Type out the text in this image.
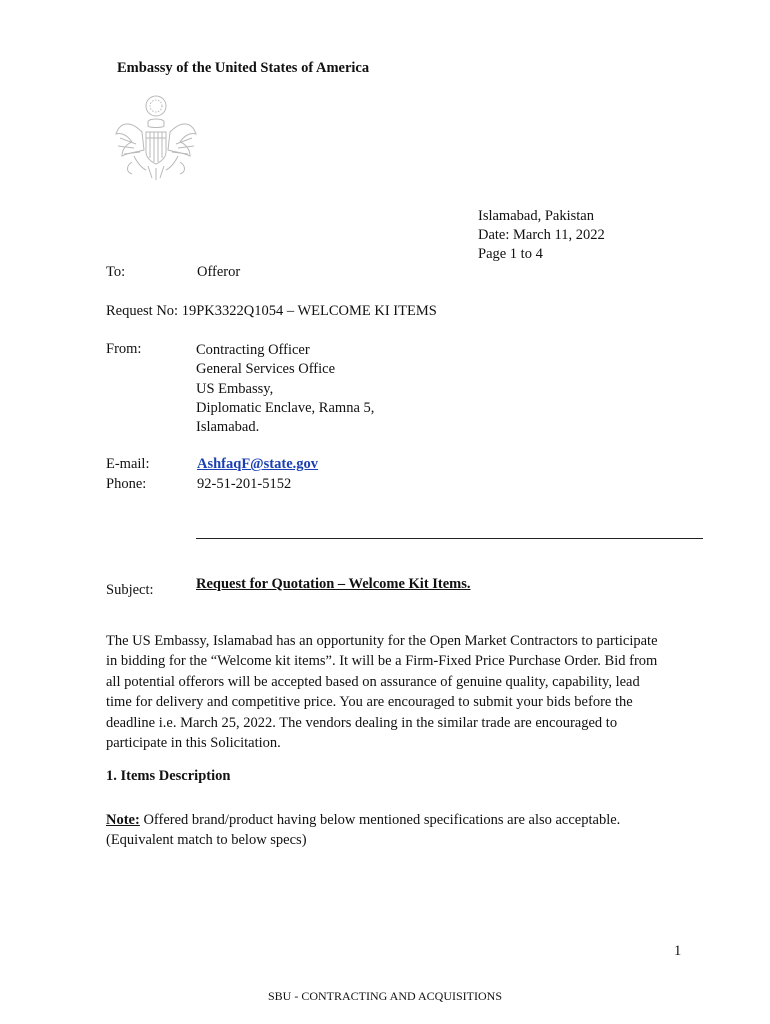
Embassy of the United States of America
Islamabad, Pakistan
Date: March 11, 2022
Page 1 to 4
To:	Offeror
Request No: 19PK3322Q1054 – WELCOME KI ITEMS
From:	Contracting Officer
General Services Office
US Embassy,
Diplomatic Enclave, Ramna 5,
Islamabad.
E-mail:	AshfaqF@state.gov
Phone:	92-51-201-5152
Subject:	Request for Quotation – Welcome Kit Items.
The US Embassy, Islamabad has an opportunity for the Open Market Contractors to participate
in bidding for the “Welcome kit items”. It will be a Firm-Fixed Price Purchase Order. Bid from
all potential offerors will be accepted based on assurance of genuine quality, capability, lead
time for delivery and competitive price. You are encouraged to submit your bids before the
deadline i.e. March 25, 2022. The vendors dealing in the similar trade are encouraged to
participate in this Solicitation.
1. Items Description
Note: Offered brand/product having below mentioned specifications are also acceptable.
(Equivalent match to below specs)
1
SBU - CONTRACTING AND ACQUISITIONS
